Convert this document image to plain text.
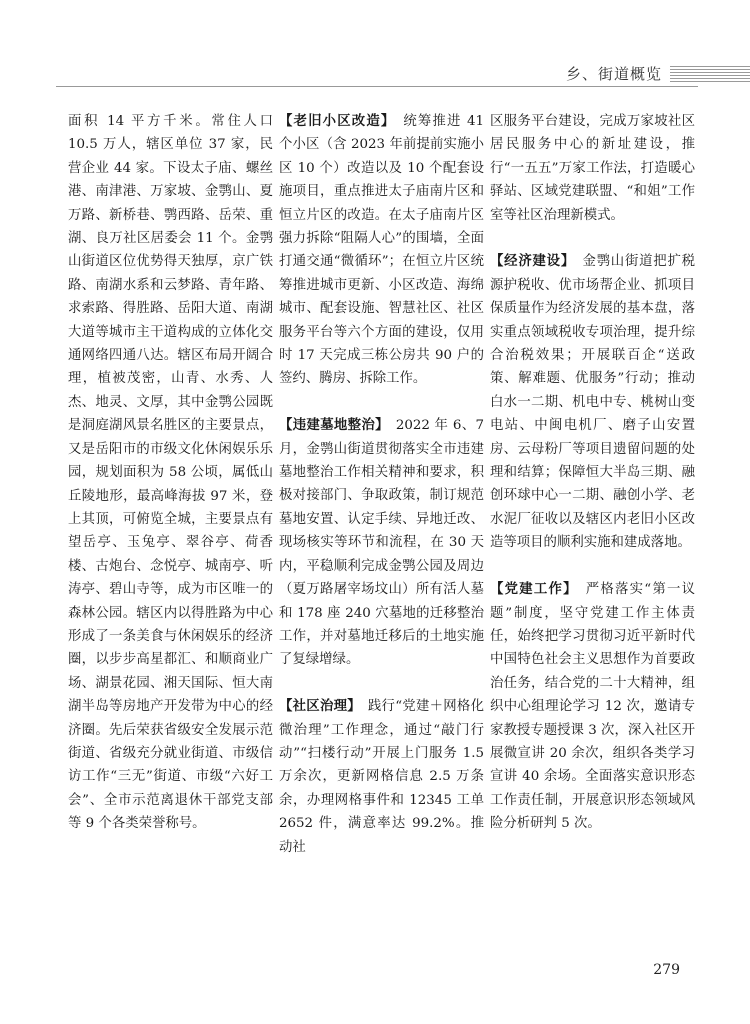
乡、街道概览

面积 14 平方千米。常住人口 10.5 万人，辖区单位 37 家，民营企业 44 家。下设太子庙、螺丝港、南津港、万家坡、金鹗山、夏万路、新桥巷、鹗西路、岳荣、重湖、良万社区居委会 11 个。金鹗山街道区位优势得天独厚，京广铁路、南湖水系和云梦路、青年路、求索路、得胜路、岳阳大道、南湖大道等城市主干道构成的立体化交通网络四通八达。辖区布局开阔合理，植被茂密，山青、水秀、人杰、地灵、文厚，其中金鹗公园既是洞庭湖风景名胜区的主要景点，又是岳阳市的市级文化休闲娱乐乐园，规划面积为 58 公顷，属低山丘陵地形，最高峰海拔 97 米，登上其顶，可俯览全城，主要景点有望岳亭、玉兔亭、翠谷亭、荷香楼、古炮台、念悦亭、城南亭、听涛亭、碧山寺等，成为市区唯一的森林公园。辖区内以得胜路为中心形成了一条美食与休闲娱乐的经济圈，以步步高星都汇、和顺商业广场、湖景花园、湘天国际、恒大南湖半岛等房地产开发带为中心的经济圈。先后荣获省级安全发展示范街道、省级充分就业街道、市级信访工作“三无”街道、市级“六好工会”、全市示范离退休干部党支部等 9 个各类荣誉称号。

【老旧小区改造】　 统筹推进 41 个小区（含 2023 年前提前实施小区 10 个）改造以及 10 个配套设施项目，重点推进太子庙南片区和恒立片区的改造。在太子庙南片区强力拆除“阻隔人心”的围墙，全面打通交通“微循环”；在恒立片区统筹推进城市更新、小区改造、海绵城市、配套设施、智慧社区、社区服务平台等六个方面的建设，仅用时 17 天完成三栋公房共 90 户的签约、腾房、拆除工作。

【违建墓地整治】　 2022 年 6、7 月，金鹗山街道贯彻落实全市违建墓地整治工作相关精神和要求，积极对接部门、争取政策，制订规范墓地安置、认定手续、异地迁改、现场核实等环节和流程，在 30 天内，平稳顺利完成金鹗公园及周边（夏万路屠宰场坟山）所有活人墓和 178 座 240 穴墓地的迁移整治工作，并对墓地迁移后的土地实施了复绿增绿。

【社区治理】　 践行“党建＋网格化微治理”工作理念，通过“敲门行动”“扫楼行动”开展上门服务 1.5 万余次，更新网格信息 2.5 万条余，办理网格事件和 12345 工单 2652 件，满意率达 99.2%。推动社

区服务平台建设，完成万家坡社区居民服务中心的新址建设，推行“一五五”万家工作法，打造暖心驿站、区域党建联盟、“和姐”工作室等社区治理新模式。

【经济建设】　 金鹗山街道把扩税源护税收、优市场帮企业、抓项目保质量作为经济发展的基本盘，落实重点领域税收专项治理，提升综合治税效果；开展联百企“送政策、解难题、优服务”行动；推动白水一二期、机电中专、桃树山变电站、中闽电机厂、磨子山安置房、云母粉厂等项目遗留问题的处理和结算；保障恒大半岛三期、融创环球中心一二期、融创小学、老水泥厂征收以及辖区内老旧小区改造等项目的顺利实施和建成落地。

【党建工作】　 严格落实“第一议题”制度，坚守党建工作主体责任，始终把学习贯彻习近平新时代中国特色社会主义思想作为首要政治任务，结合党的二十大精神，组织中心组理论学习 12 次，邀请专家教授专题授课 3 次，深入社区开展微宣讲 20 余次，组织各类学习宣讲 40 余场。全面落实意识形态工作责任制，开展意识形态领域风险分析研判 5 次。

279
